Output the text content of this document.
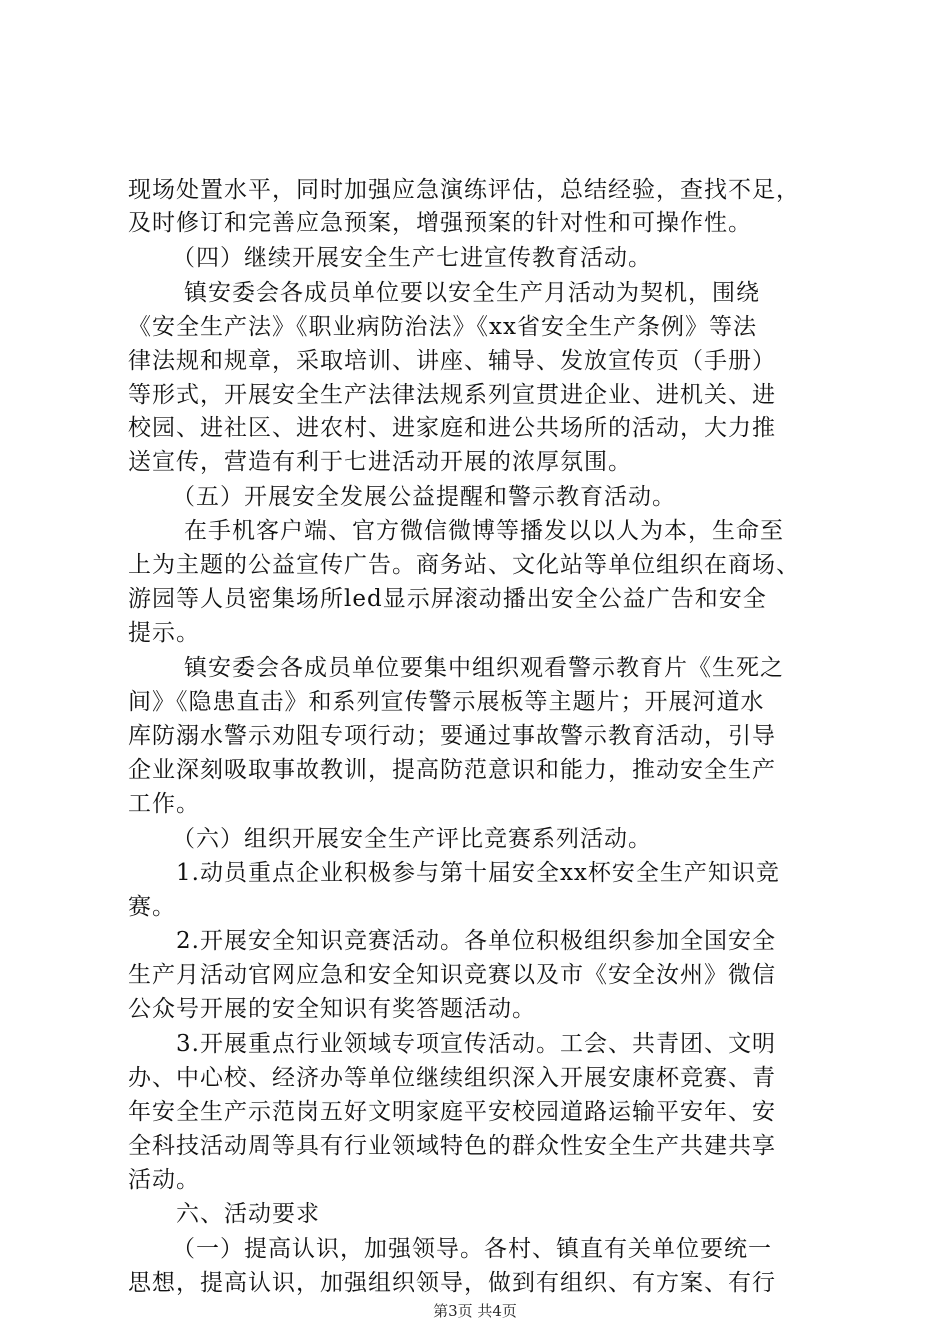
现场处置水平，同时加强应急演练评估，总结经验，查找不足，
及时修订和完善应急预案，增强预案的针对性和可操作性。
（四）继续开展安全生产七进宣传教育活动。
镇安委会各成员单位要以安全生产月活动为契机，围绕
《安全生产法》《职业病防治法》《xx省安全生产条例》等法
律法规和规章，采取培训、讲座、辅导、发放宣传页（手册）
等形式，开展安全生产法律法规系列宣贯进企业、进机关、进
校园、进社区、进农村、进家庭和进公共场所的活动，大力推
送宣传，营造有利于七进活动开展的浓厚氛围。
（五）开展安全发展公益提醒和警示教育活动。
在手机客户端、官方微信微博等播发以以人为本，生命至
上为主题的公益宣传广告。商务站、文化站等单位组织在商场、
游园等人员密集场所led显示屏滚动播出安全公益广告和安全
提示。
镇安委会各成员单位要集中组织观看警示教育片《生死之
间》《隐患直击》和系列宣传警示展板等主题片；开展河道水
库防溺水警示劝阻专项行动；要通过事故警示教育活动，引导
企业深刻吸取事故教训，提高防范意识和能力，推动安全生产
工作。
（六）组织开展安全生产评比竞赛系列活动。
1.动员重点企业积极参与第十届安全xx杯安全生产知识竞
赛。
2.开展安全知识竞赛活动。各单位积极组织参加全国安全
生产月活动官网应急和安全知识竞赛以及市《安全汝州》微信
公众号开展的安全知识有奖答题活动。
3.开展重点行业领域专项宣传活动。工会、共青团、文明
办、中心校、经济办等单位继续组织深入开展安康杯竞赛、青
年安全生产示范岗五好文明家庭平安校园道路运输平安年、安
全科技活动周等具有行业领域特色的群众性安全生产共建共享
活动。
六、活动要求
（一）提高认识，加强领导。各村、镇直有关单位要统一
思想，提高认识，加强组织领导，做到有组织、有方案、有行
第3页 共4页
